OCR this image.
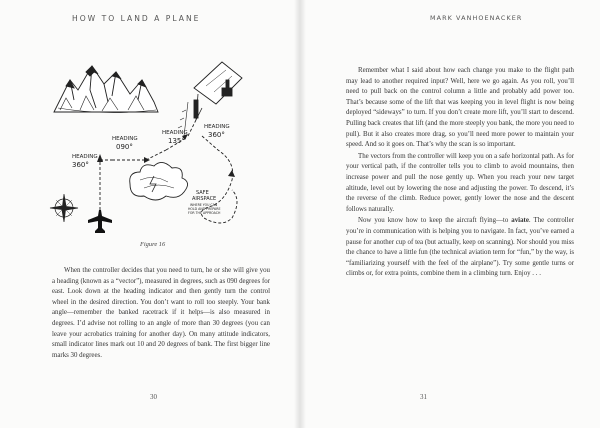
HOW TO LAND A PLANE
HEADING
090°
HEADING
135°
HEADING
360°
HEADING
360°
SAFE
AIRSPACE
WHERE YOU CAN
HOLD AND PREPARE
FOR THE APPROACH
Figure 16

When the controller decides that you need to turn, he or she will give you a heading (known as a “vector”), measured in degrees, such as 090 degrees for east. Look down at the heading indicator and then gently turn the control wheel in the desired direction. You don’t want to roll too steeply. Your bank angle—remember the banked racetrack if it helps—is also measured in degrees. I’d advise not rolling to an angle of more than 30 degrees (you can leave your acrobatics training for another day). On many attitude indicators, small indicator lines mark out 10 and 20 degrees of bank. The first bigger line marks 30 degrees.

30
MARK VANHOENACKER

Remember what I said about how each change you make to the flight path may lead to another required input? Well, here we go again. As you roll, you’ll need to pull back on the control column a little and probably add power too. That’s because some of the lift that was keeping you in level flight is now being deployed “sideways” to turn. If you don’t create more lift, you’ll start to descend. Pulling back creates that lift (and the more steeply you bank, the more you need to pull). But it also creates more drag, so you’ll need more power to maintain your speed. And so it goes on. That’s why the scan is so important.

The vectors from the controller will keep you on a safe horizontal path. As for your vertical path, if the controller tells you to climb to avoid mountains, then increase power and pull the nose gently up. When you reach your new target altitude, level out by lowering the nose and adjusting the power. To descend, it’s the reverse of the climb. Reduce power, gently lower the nose and the descent follows naturally.

Now you know how to keep the aircraft flying—to aviate. The controller you’re in communication with is helping you to navigate. In fact, you’ve earned a pause for another cup of tea (but actually, keep on scanning). Nor should you miss the chance to have a little fun (the technical aviation term for “fun,” by the way, is “familiarizing yourself with the feel of the airplane”). Try some gentle turns or climbs or, for extra points, combine them in a climbing turn. Enjoy . . .

31
